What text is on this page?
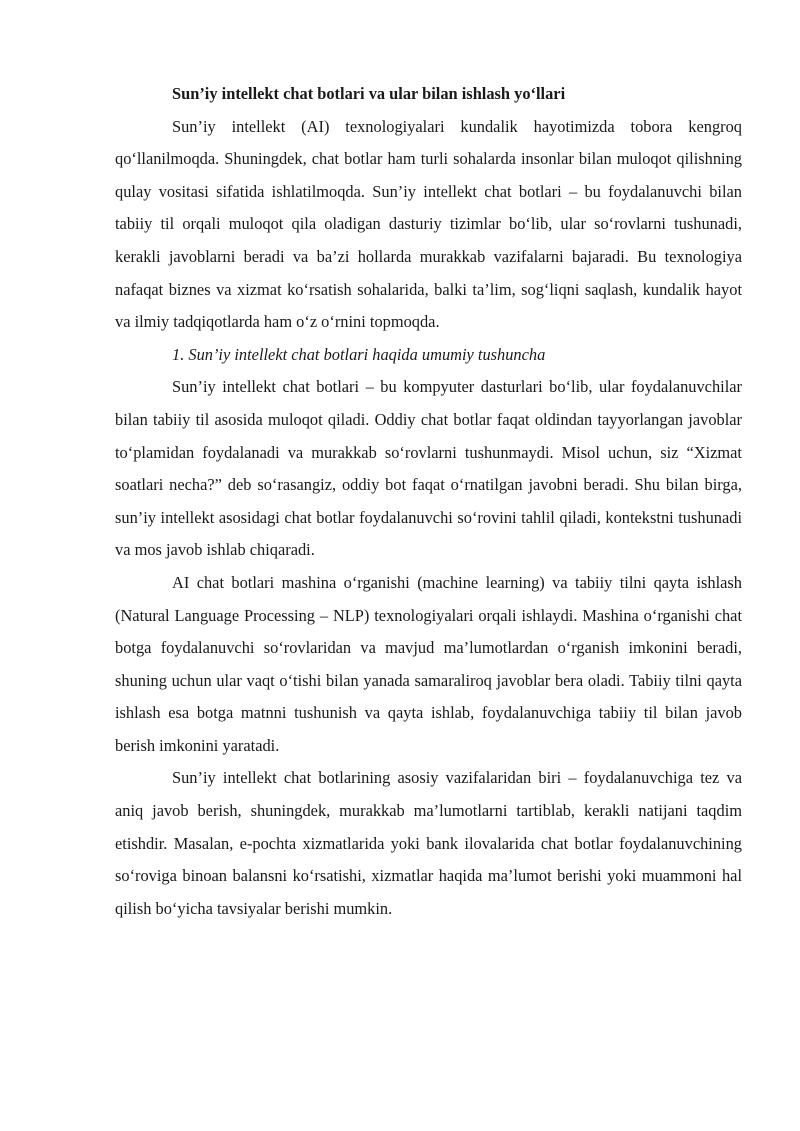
Sun’iy intellekt chat botlari va ular bilan ishlash yo‘llari

Sun’iy intellekt (AI) texnologiyalari kundalik hayotimizda tobora kengroq qo‘llanilmoqda. Shuningdek, chat botlar ham turli sohalarda insonlar bilan muloqot qilishning qulay vositasi sifatida ishlatilmoqda. Sun’iy intellekt chat botlari – bu foydalanuvchi bilan tabiiy til orqali muloqot qila oladigan dasturiy tizimlar bo‘lib, ular so‘rovlarni tushunadi, kerakli javoblarni beradi va ba’zi hollarda murakkab vazifalarni bajaradi. Bu texnologiya nafaqat biznes va xizmat ko‘rsatish sohalarida, balki ta’lim, sog‘liqni saqlash, kundalik hayot va ilmiy tadqiqotlarda ham o‘z o‘rnini topmoqda.

1. Sun’iy intellekt chat botlari haqida umumiy tushuncha

Sun’iy intellekt chat botlari – bu kompyuter dasturlari bo‘lib, ular foydalanuvchilar bilan tabiiy til asosida muloqot qiladi. Oddiy chat botlar faqat oldindan tayyorlangan javoblar to‘plamidan foydalanadi va murakkab so‘rovlarni tushunmaydi. Misol uchun, siz “Xizmat soatlari necha?” deb so‘rasangiz, oddiy bot faqat o‘rnatilgan javobni beradi. Shu bilan birga, sun’iy intellekt asosidagi chat botlar foydalanuvchi so‘rovini tahlil qiladi, kontekstni tushunadi va mos javob ishlab chiqaradi.

AI chat botlari mashina o‘rganishi (machine learning) va tabiiy tilni qayta ishlash (Natural Language Processing – NLP) texnologiyalari orqali ishlaydi. Mashina o‘rganishi chat botga foydalanuvchi so‘rovlaridan va mavjud ma’lumotlardan o‘rganish imkonini beradi, shuning uchun ular vaqt o‘tishi bilan yanada samaraliroq javoblar bera oladi. Tabiiy tilni qayta ishlash esa botga matnni tushunish va qayta ishlab, foydalanuvchiga tabiiy til bilan javob berish imkonini yaratadi.

Sun’iy intellekt chat botlarining asosiy vazifalaridan biri – foydalanuvchiga tez va aniq javob berish, shuningdek, murakkab ma’lumotlarni tartiblab, kerakli natijani taqdim etishdir. Masalan, e-pochta xizmatlarida yoki bank ilovalarida chat botlar foydalanuvchining so‘roviga binoan balansni ko‘rsatishi, xizmatlar haqida ma’lumot berishi yoki muammoni hal qilish bo‘yicha tavsiyalar berishi mumkin.
